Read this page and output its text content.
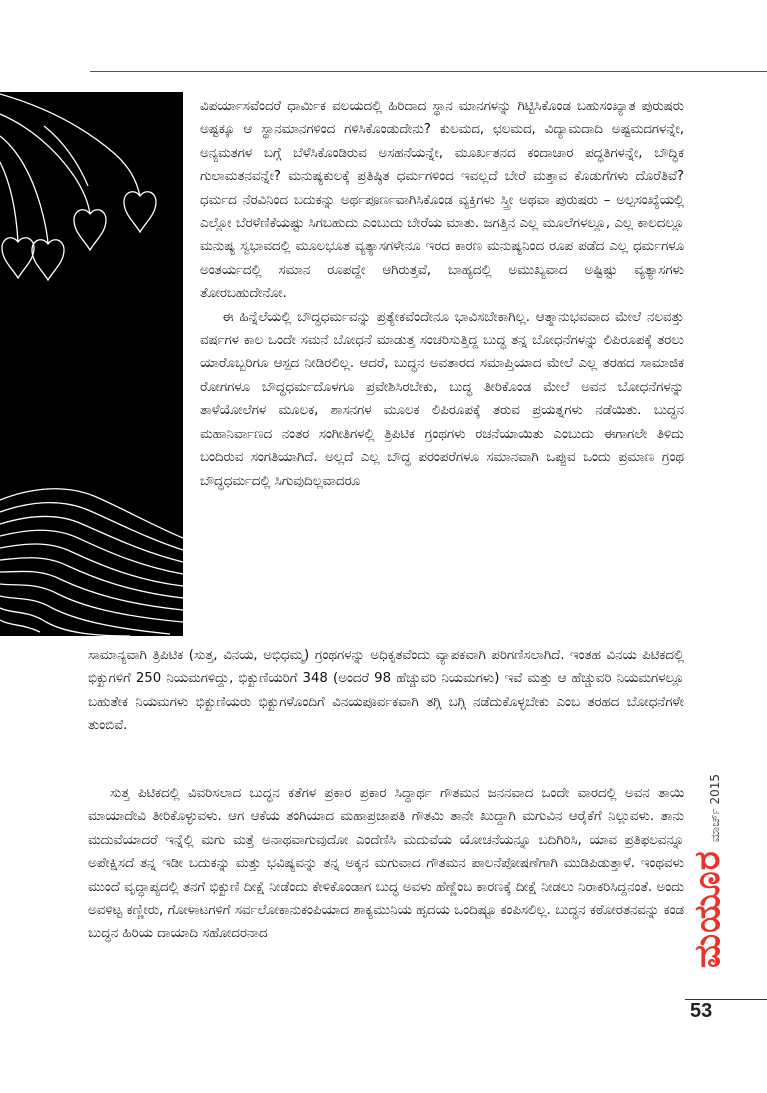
ವಿಪರ್ಯಾಸವೆಂದರೆ ಧಾರ್ಮಿಕ ವಲಯದಲ್ಲಿ ಹಿರಿದಾದ ಸ್ಥಾನ ಮಾನಗಳನ್ನು ಗಿಟ್ಟಿಸಿಕೊಂಡ ಬಹುಸಂಖ್ಯಾತ ಪುರುಷರು ಅಷ್ಟಕ್ಕೂ ಆ ಸ್ಥಾನಮಾನಗಳಿಂದ ಗಳಿಸಿಕೊಂಡುದೇನು? ಕುಲಮದ, ಛಲಮದ, ವಿದ್ಯಾಮದಾದಿ ಅಷ್ಟಮದಗಳನ್ನೇ, ಅನ್ಯಮತಗಳ ಬಗ್ಗೆ ಬೆಳೆಸಿಕೊಂಡಿರುವ ಅಸಹನೆಯನ್ನೇ, ಮೂರ್ಖತನದ ಕಂದಾಚಾರ ಪದ್ಧತಿಗಳನ್ನೇ, ಬೌದ್ಧಿಕ ಗುಲಾಮತನವನ್ನೇ? ಮನುಷ್ಯಕುಲಕ್ಕೆ ಪ್ರತಿಷ್ಠಿತ ಧರ್ಮಗಳಿಂದ ಇವಲ್ಲದೆ ಬೇರೆ ಮತ್ತಾವ ಕೊಡುಗೆಗಳು ದೊರೆತಿವೆ? ಧರ್ಮದ ನೆರವಿನಿಂದ ಬದುಕನ್ನು ಅರ್ಥಪೂರ್ಣವಾಗಿಸಿಕೊಂಡ ವ್ಯಕ್ತಿಗಳು ಸ್ತ್ರೀ ಅಥವಾ ಪುರುಷರು – ಅಲ್ಪಸಂಖ್ಯೆಯಲ್ಲಿ ಎಲ್ಲೋ ಬೆರಳೆಣಿಕೆಯಷ್ಟು ಸಿಗಬಹುದು ಎಂಬುದು ಬೇರೆಯ ಮಾತು. ಜಗತ್ತಿನ ಎಲ್ಲ ಮೂಲೆಗಳಲ್ಲೂ, ಎಲ್ಲ ಕಾಲದಲ್ಲೂ ಮನುಷ್ಯ ಸ್ವಭಾವದಲ್ಲಿ ಮೂಲಭೂತ ವ್ಯತ್ಯಾಸಗಳೇನೂ ಇರದ ಕಾರಣ ಮನುಷ್ಯನಿಂದ ರೂಪ ಪಡೆದ ಎಲ್ಲ ಧರ್ಮಗಳೂ ಅಂತರ್ಯದಲ್ಲಿ ಸಮಾನ ರೂಪದ್ದೇ ಆಗಿರುತ್ತವೆ, ಬಾಹ್ಯದಲ್ಲಿ ಅಮುಖ್ಯವಾದ ಅಷ್ಟಿಷ್ಟು ವ್ಯತ್ಯಾಸಗಳು ತೋರಬಹುದೇನೋ.

ಈ ಹಿನ್ನೆಲೆಯಲ್ಲಿ ಬೌದ್ಧಧರ್ಮವನ್ನು ಪ್ರತ್ಯೇಕವೆಂದೇನೂ ಭಾವಿಸಬೇಕಾಗಿಲ್ಲ. ಆತ್ಮಾನುಭವವಾದ ಮೇಲೆ ನಲವತ್ತು ವರ್ಷಗಳ ಕಾಲ ಒಂದೇ ಸಮನೆ ಬೋಧನೆ ಮಾಡುತ್ತ ಸಂಚರಿಸುತ್ತಿದ್ದ ಬುದ್ಧ ತನ್ನ ಬೋಧನೆಗಳನ್ನು ಲಿಪಿರೂಪಕ್ಕೆ ತರಲು ಯಾರೊಬ್ಬರಿಗೂ ಆಸ್ಪದ ನೀಡಿರಲಿಲ್ಲ. ಆದರೆ, ಬುದ್ಧನ ಅವತಾರದ ಸಮಾಪ್ತಿಯಾದ ಮೇಲೆ ಎಲ್ಲ ತರಹದ ಸಾಮಾಜಿಕ ರೋಗಗಳೂ ಬೌದ್ಧಧರ್ಮದೊಳಗೂ ಪ್ರವೇಶಿಸಿರಬೇಕು, ಬುದ್ಧ ತೀರಿಕೊಂಡ ಮೇಲೆ ಅವನ ಬೋಧನೆಗಳನ್ನು ತಾಳೆಯೋಲೆಗಳ ಮೂಲಕ, ಶಾಸನಗಳ ಮೂಲಕ ಲಿಪಿರೂಪಕ್ಕೆ ತರುವ ಪ್ರಯತ್ನಗಳು ನಡೆಯಿತು. ಬುದ್ಧನ ಮಹಾನಿರ್ವಾಣದ ನಂತರ ಸಂಗೀತಿಗಳಲ್ಲಿ ತ್ರಿಪಿಟಿಕ ಗ್ರಂಥಗಳು ರಚನೆಯಾಯಿತು ಎಂಬುದು ಈಗಾಗಲೇ ತಿಳಿದು ಬಂದಿರುವ ಸಂಗತಿಯಾಗಿದೆ. ಅಲ್ಲದೆ ಎಲ್ಲ ಬೌದ್ಧ ಪರಂಪರೆಗಳೂ ಸಮಾನವಾಗಿ ಒಪ್ಪುವ ಒಂದು ಪ್ರಮಾಣ ಗ್ರಂಥ ಬೌದ್ಧಧರ್ಮದಲ್ಲಿ ಸಿಗುವುದಿಲ್ಲವಾದರೂ

ಸಾಮಾನ್ಯವಾಗಿ ತ್ರಿಪಿಟಿಕ (ಸುತ್ತ, ವಿನಯ, ಅಭಿಧಮ್ಮ) ಗ್ರಂಥಗಳನ್ನು ಅಧಿಕೃತವೆಂದು ವ್ಯಾಪಕವಾಗಿ ಪರಿಗಣಿಸಲಾಗಿದೆ. ಇಂತಹ ವಿನಯ ಪಿಟಿಕದಲ್ಲಿ ಭಿಕ್ಖುಗಳಿಗೆ 250 ನಿಯಮಗಳಿದ್ದು, ಭಿಕ್ಖುಣಿಯರಿಗೆ 348 (ಅಂದರೆ 98 ಹೆಚ್ಚುವರಿ ನಿಯಮಗಳು) ಇವೆ ಮತ್ತು ಆ ಹೆಚ್ಚುವರಿ ನಿಯಮಗಳಲ್ಲೂ ಬಹುತೇಕ ನಿಯಮಗಳು ಭಿಕ್ಖುಣಿಯರು ಭಿಕ್ಖುಗಳೊಂದಿಗೆ ವಿನಯಪೂರ್ವಕವಾಗಿ ತಗ್ಗಿ ಬಗ್ಗಿ ನಡೆದುಕೊಳ್ಳಬೇಕು ಎಂಬ ತರಹದ ಬೋಧನೆಗಳೇ ತುಂಬಿವೆ.

ಸುತ್ತ ಪಿಟಿಕದಲ್ಲಿ ವಿವರಿಸಲಾದ ಬುದ್ಧನ ಕತೆಗಳ ಪ್ರಕಾರ ಪ್ರಕಾರ ಸಿದ್ಧಾರ್ಥ ಗೌತಮನ ಜನನವಾದ ಒಂದೇ ವಾರದಲ್ಲಿ ಅವನ ತಾಯಿ ಮಾಯಾದೇವಿ ತೀರಿಕೊಳ್ಳುವಳು. ಆಗ ಆಕೆಯ ತಂಗಿಯಾದ ಮಹಾಪ್ರಜಾಪತಿ ಗೌತಮಿ ತಾನೇ ಖುದ್ದಾಗಿ ಮಗುವಿನ ಆರೈಕೆಗೆ ನಿಲ್ಲುವಳು. ತಾನು ಮದುವೆಯಾದರೆ ಇನ್ನೆಲ್ಲಿ ಮಗು ಮತ್ತೆ ಅನಾಥವಾಗುವುದೋ ಎಂದೆಣಿಸಿ ಮದುವೆಯ ಯೋಚನೆಯನ್ನೂ ಬದಿಗಿರಿಸಿ, ಯಾವ ಪ್ರತಿಫಲವನ್ನೂ ಅಪೇಕ್ಷಿಸದೆ ತನ್ನ ಇಡೀ ಬದುಕನ್ನು ಮತ್ತು ಭವಿಷ್ಯವನ್ನು ತನ್ನ ಅಕ್ಕನ ಮಗುವಾದ ಗೌತಮನ ಪಾಲನೆಪೋಷಣೆಗಾಗಿ ಮುಡಿಪಿಡುತ್ತಾಳೆ. ಇಂಥವಳು ಮುಂದೆ ವೃದ್ಧಾಪ್ಯದಲ್ಲಿ ತನಗೆ ಭಿಕ್ಖುಣಿ ದೀಕ್ಷೆ ನೀಡೆಂದು ಕೇಳಿಕೊಂಡಾಗ ಬುದ್ಧ ಅವಳು ಹೆಣ್ಣೆಂಬ ಕಾರಣಕ್ಕೆ ದೀಕ್ಷೆ ನೀಡಲು ನಿರಾಕರಿಸಿದ್ದನಂತೆ. ಅಂದು ಅವಳಿಟ್ಟ ಕಣ್ಣೀರು, ಗೋಳಾಟಗಳಿಗೆ ಸರ್ವಲೋಕಾನುಕಂಪಿಯಾದ ಶಾಕ್ಯಮುನಿಯ ಹೃದಯ ಒಂದಿಷ್ಟೂ ಕಂಪಿಸಲಿಲ್ಲ. ಬುದ್ಧನ ಕಠೋರತನವನ್ನು ಕಂಡ ಬುದ್ಧನ ಹಿರಿಯ ದಾಯಾದಿ ಸಹೋದರನಾದ	ಮಯೂರ
ಮಾರ್ಚ್ 2015
53
